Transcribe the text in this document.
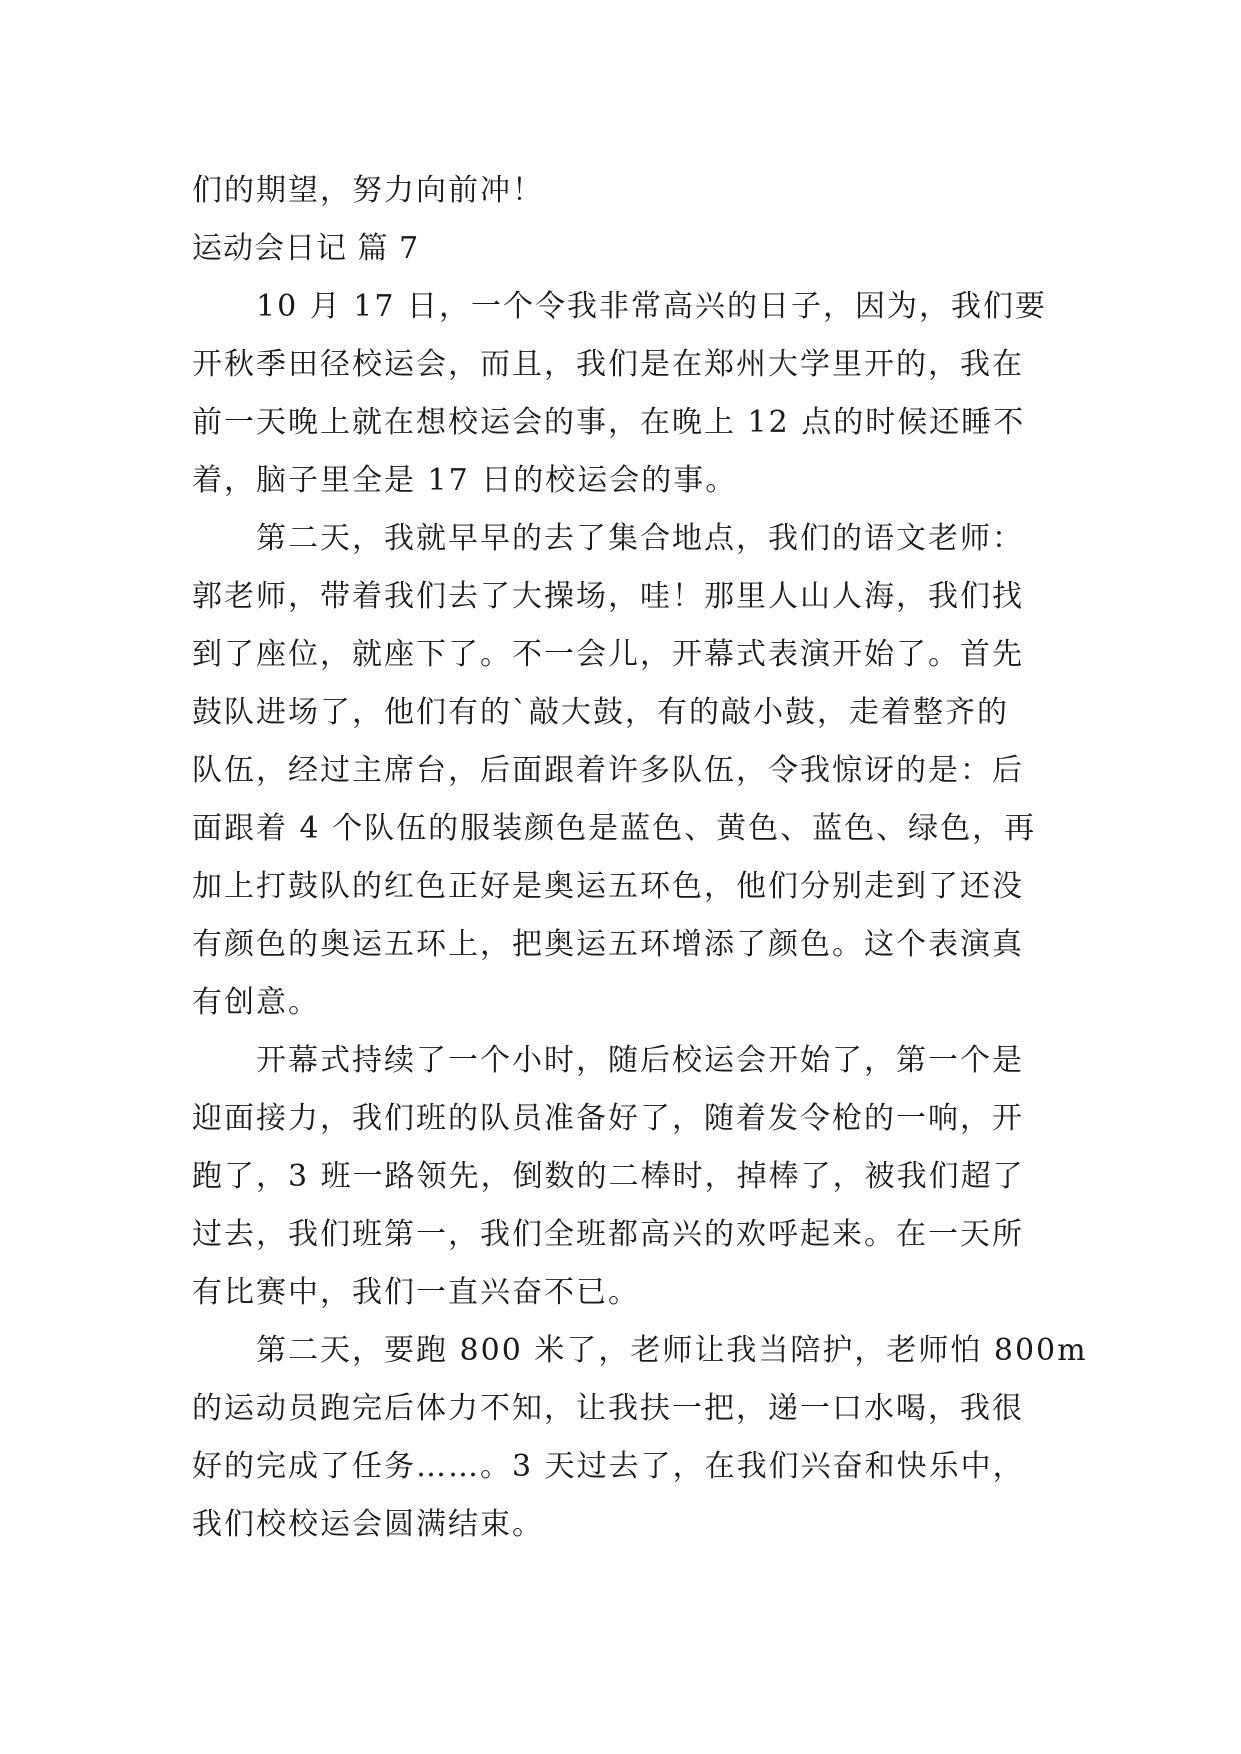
们的期望，努力向前冲！
运动会日记 篇 7
10 月 17 日，一个令我非常高兴的日子，因为，我们要
开秋季田径校运会，而且，我们是在郑州大学里开的，我在
前一天晚上就在想校运会的事，在晚上 12 点的时候还睡不
着，脑子里全是 17 日的校运会的事。
第二天，我就早早的去了集合地点，我们的语文老师：
郭老师，带着我们去了大操场，哇！那里人山人海，我们找
到了座位，就座下了。不一会儿，开幕式表演开始了。首先
鼓队进场了，他们有的`敲大鼓，有的敲小鼓，走着整齐的
队伍，经过主席台，后面跟着许多队伍，令我惊讶的是：后
面跟着 4 个队伍的服装颜色是蓝色、黄色、蓝色、绿色，再
加上打鼓队的红色正好是奥运五环色，他们分别走到了还没
有颜色的奥运五环上，把奥运五环增添了颜色。这个表演真
有创意。
开幕式持续了一个小时，随后校运会开始了，第一个是
迎面接力，我们班的队员准备好了，随着发令枪的一响，开
跑了，3 班一路领先，倒数的二棒时，掉棒了，被我们超了
过去，我们班第一，我们全班都高兴的欢呼起来。在一天所
有比赛中，我们一直兴奋不已。
第二天，要跑 800 米了，老师让我当陪护，老师怕 800m
的运动员跑完后体力不知，让我扶一把，递一口水喝，我很
好的完成了任务……。3 天过去了，在我们兴奋和快乐中，
我们校校运会圆满结束。
